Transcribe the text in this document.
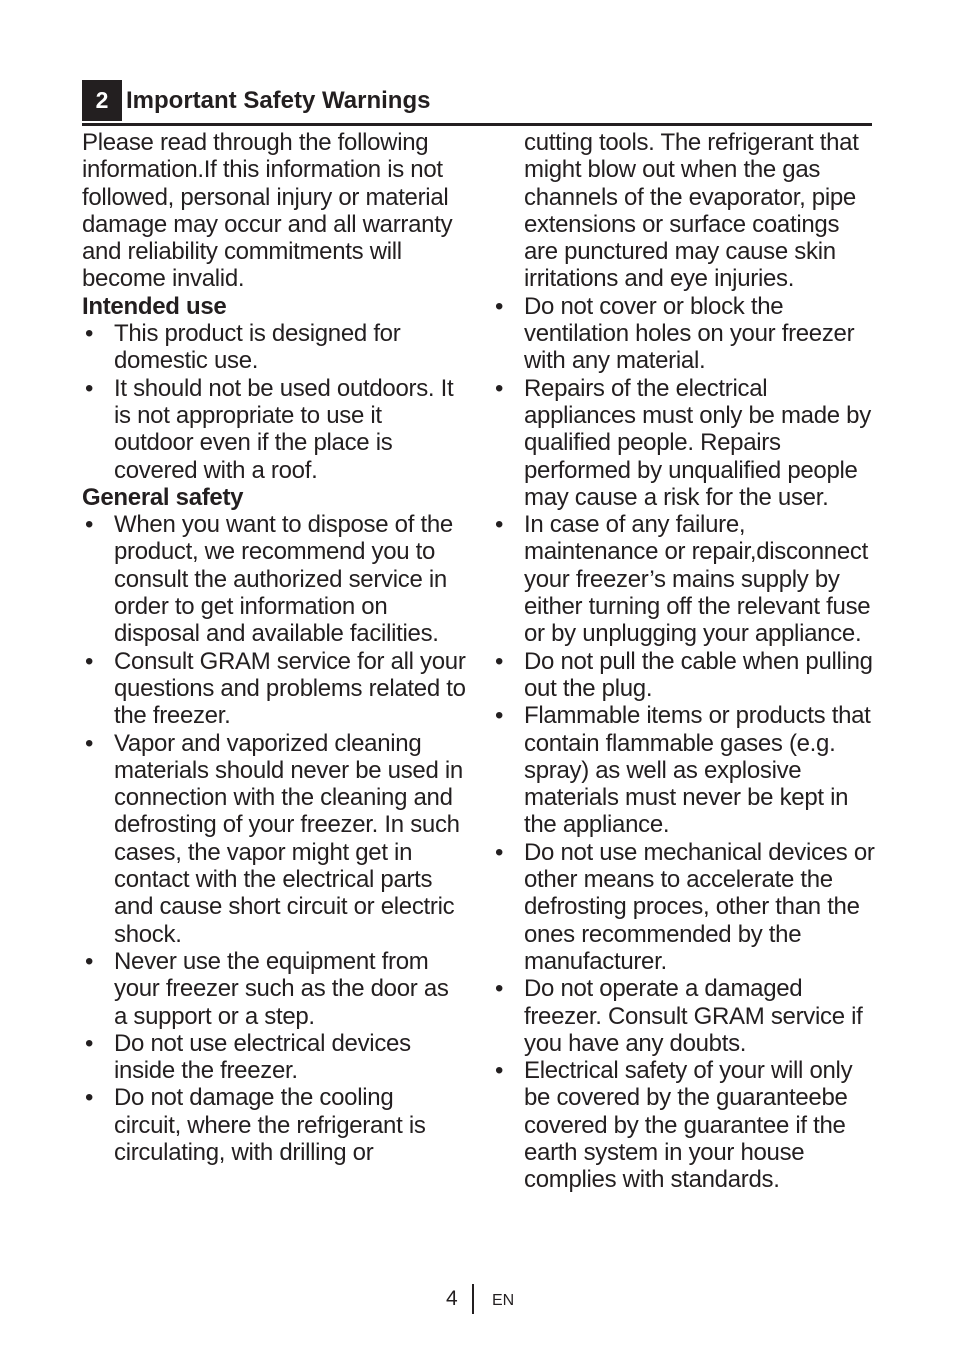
2 Important Safety Warnings

Please read through the following information.If this information is not followed, personal injury or material damage may occur and all warranty and reliability commitments will become invalid.

Intended use

• This product is designed for domestic use.
• It should not be used outdoors. It is not appropriate to use it outdoor even if the place is covered with a roof.

General safety

• When you want to dispose of the product, we recommend you to consult the authorized service in order to get information on disposal and available facilities.
• Consult GRAM service for all your questions and problems related to the freezer.
• Vapor and vaporized cleaning materials should never be used in connection with the cleaning and defrosting of your freezer. In such cases, the vapor might get in contact with the electrical parts and cause short circuit or electric shock.
• Never use the equipment from your freezer such as the door as a support or a step.
• Do not use electrical devices inside the freezer.
• Do not damage the cooling circuit, where the refrigerant is circulating, with drilling or

cutting tools. The refrigerant that might blow out when the gas channels of the evaporator, pipe extensions or surface coatings are punctured may cause skin irritations and eye injuries.

• Do not cover or block the ventilation holes on your freezer with any material.
• Repairs of the electrical appliances must only be made by qualified people. Repairs performed by unqualified people may cause a risk for the user.
• In case of any failure, maintenance or repair,disconnect your freezer’s mains supply by either turning off the relevant fuse or by unplugging your appliance.
• Do not pull the cable when pulling out the plug.
• Flammable items or products that contain flammable gases (e.g. spray) as well as explosive materials must never be kept in the appliance.
• Do not use mechanical devices or other means to accelerate the defrosting proces, other than the ones recommended by the manufacturer.
• Do not operate a damaged freezer. Consult GRAM service if you have any doubts.
• Electrical safety of your will only be covered by the guaranteebe covered by the guarantee if the earth system in your house complies with standards.
4 EN
